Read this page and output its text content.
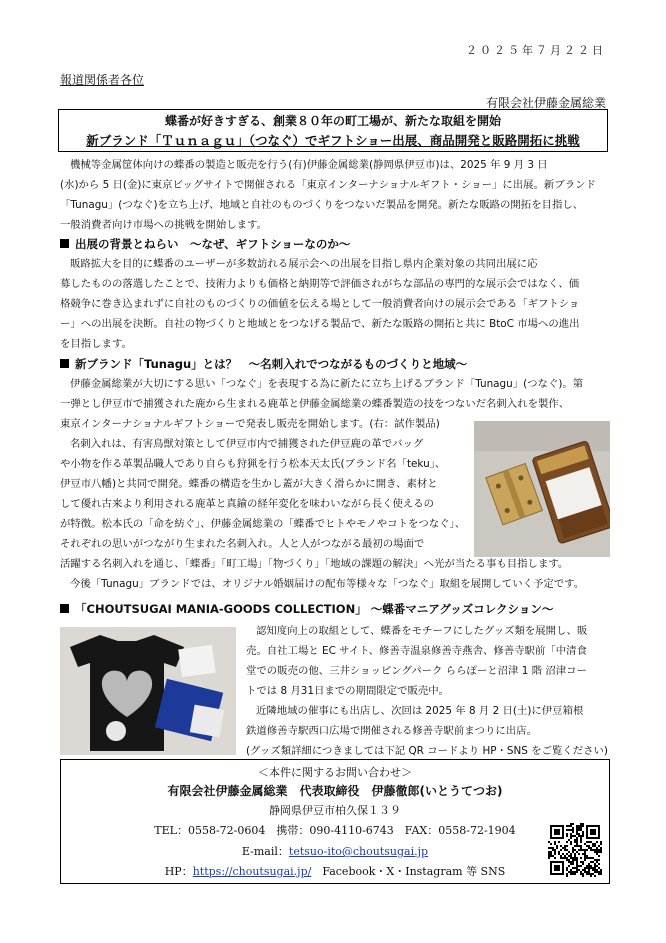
２０２５年７月２２日
報道関係者各位
有限会社伊藤金属総業
蝶番が好きすぎる、創業８０年の町工場が、新たな取組を開始
新ブランド「Ｔｕｎａｇｕ」（つなぐ）でギフトショー出展、商品開発と販路開拓に挑戦
機械等金属筐体向けの蝶番の製造と販売を行う(有)伊藤金属総業(静岡県伊豆市)は、2025 年 9 月 3 日
(水)から 5 日(金)に東京ビッグサイトで開催される「東京インターナショナルギフト・ショー」に出展。新ブランド
「Tunagu」(つなぐ)を立ち上げ、地域と自社のものづくりをつないだ製品を開発。新たな販路の開拓を目指し、
一般消費者向け市場への挑戦を開始します。
出展の背景とねらい　～なぜ、ギフトショーなのか～
販路拡大を目的に蝶番のユーザーが多数訪れる展示会への出展を目指し県内企業対象の共同出展に応
募したものの落選したことで、技術力よりも価格と納期等で評価されがちな部品の専門的な展示会ではなく、価
格競争に巻き込まれずに自社のものづくりの価値を伝える場として一般消費者向けの展示会である「ギフトショ
ー」への出展を決断。自社の物づくりと地域とをつなげる製品で、新たな販路の開拓と共に BtoC 市場への進出
を目指します。
新ブランド「Tunagu」とは？　～名刺入れでつながるものづくりと地域～
伊藤金属総業が大切にする思い「つなぐ」を表現する為に新たに立ち上げるブランド「Tunagu」(つなぐ)。第
一弾とし伊豆市で捕獲された鹿から生まれる鹿革と伊藤金属総業の蝶番製造の技をつないだ名刺入れを製作、
東京インターナショナルギフトショーで発表し販売を開始します。(右：試作製品)
名刺入れは、有害鳥獣対策として伊豆市内で捕獲された伊豆鹿の革でバッグ
や小物を作る革製品職人であり自らも狩猟を行う松本天太氏(ブランド名「teku」、
伊豆市八幡)と共同で開発。蝶番の構造を生かし蓋が大きく滑らかに開き、素材と
して優れ古来より利用される鹿革と真鍮の経年変化を味わいながら長く使えるの
が特徴。松本氏の「命を紡ぐ」、伊藤金属総業の「蝶番でヒトやモノやコトをつなぐ」、
それぞれの思いがつながり生まれた名刺入れ。人と人がつながる最初の場面で
活躍する名刺入れを通じ、「蝶番」「町工場」「物づくり」「地域の課題の解決」へ光が当たる事も目指します。
今後「Tunagu」ブランドでは、オリジナル婚姻届けの配布等様々な「つなぐ」取組を展開していく予定です。
「CHOUTSUGAI MANIA-GOODS COLLECTION」 ～蝶番マニアグッズコレクション～
認知度向上の取組として、蝶番をモチーフにしたグッズ類を展開し、販
売。自社工場と EC サイト、修善寺温泉修善寺燕舎、修善寺駅前「中清食
堂での販売の他、三井ショッピングパーク ららぽーと沼津 1 階 沼津コー
トでは 8 月31日までの期間限定で販売中。
近隣地域の催事にも出店し、次回は 2025 年 8 月 2 日(土)に伊豆箱根
鉄道修善寺駅西口広場で開催される修善寺駅前まつりに出店。
(グッズ類詳細につきましては下記 QR コードより HP・SNS をご覧ください)
＜本件に関するお問い合わせ＞
有限会社伊藤金属総業　代表取締役　伊藤徹郎(いとうてつお)
静岡県伊豆市柏久保１３９
TEL：0558-72-0604　携帯：090-4110-6743　FAX：0558-72-1904
E-mail：tetsuo-ito@choutsugai.jp
HP：https://choutsugai.jp/　 Facebook・X・Instagram 等 SNS
